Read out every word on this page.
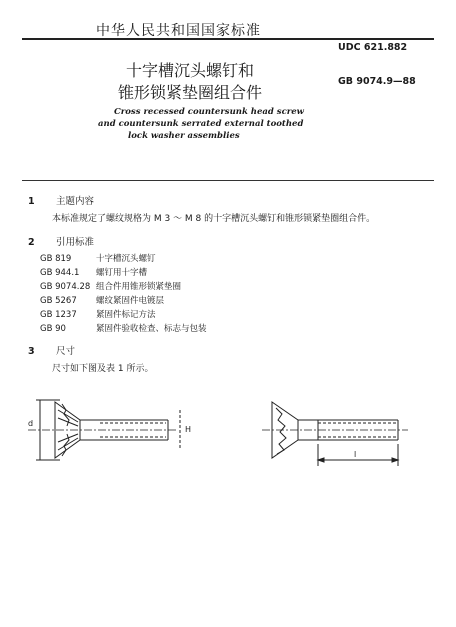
中华人民共和国国家标准
UDC 621.882
GB 9074.9—88
十字槽沉头螺钉和
锥形锁紧垫圈组合件
Cross recessed countersunk head screw
and countersunk serrated external toothed
lock washer assemblies
1 主题内容
本标准规定了螺纹规格为 M 3 ～ M 8 的十字槽沉头螺钉和锥形锁紧垫圈组合件。
2 引用标准
GB 819	十字槽沉头螺钉
GB 944.1 螺钉用十字槽
GB 9074.28 组合件用锥形锁紧垫圈
GB 5267 螺纹紧固件电镀层
GB 1237 紧固件标记方法
GB 90	紧固件验收检查、标志与包装
3 尺寸
尺寸如下图及表 1 所示。
d
H
l
